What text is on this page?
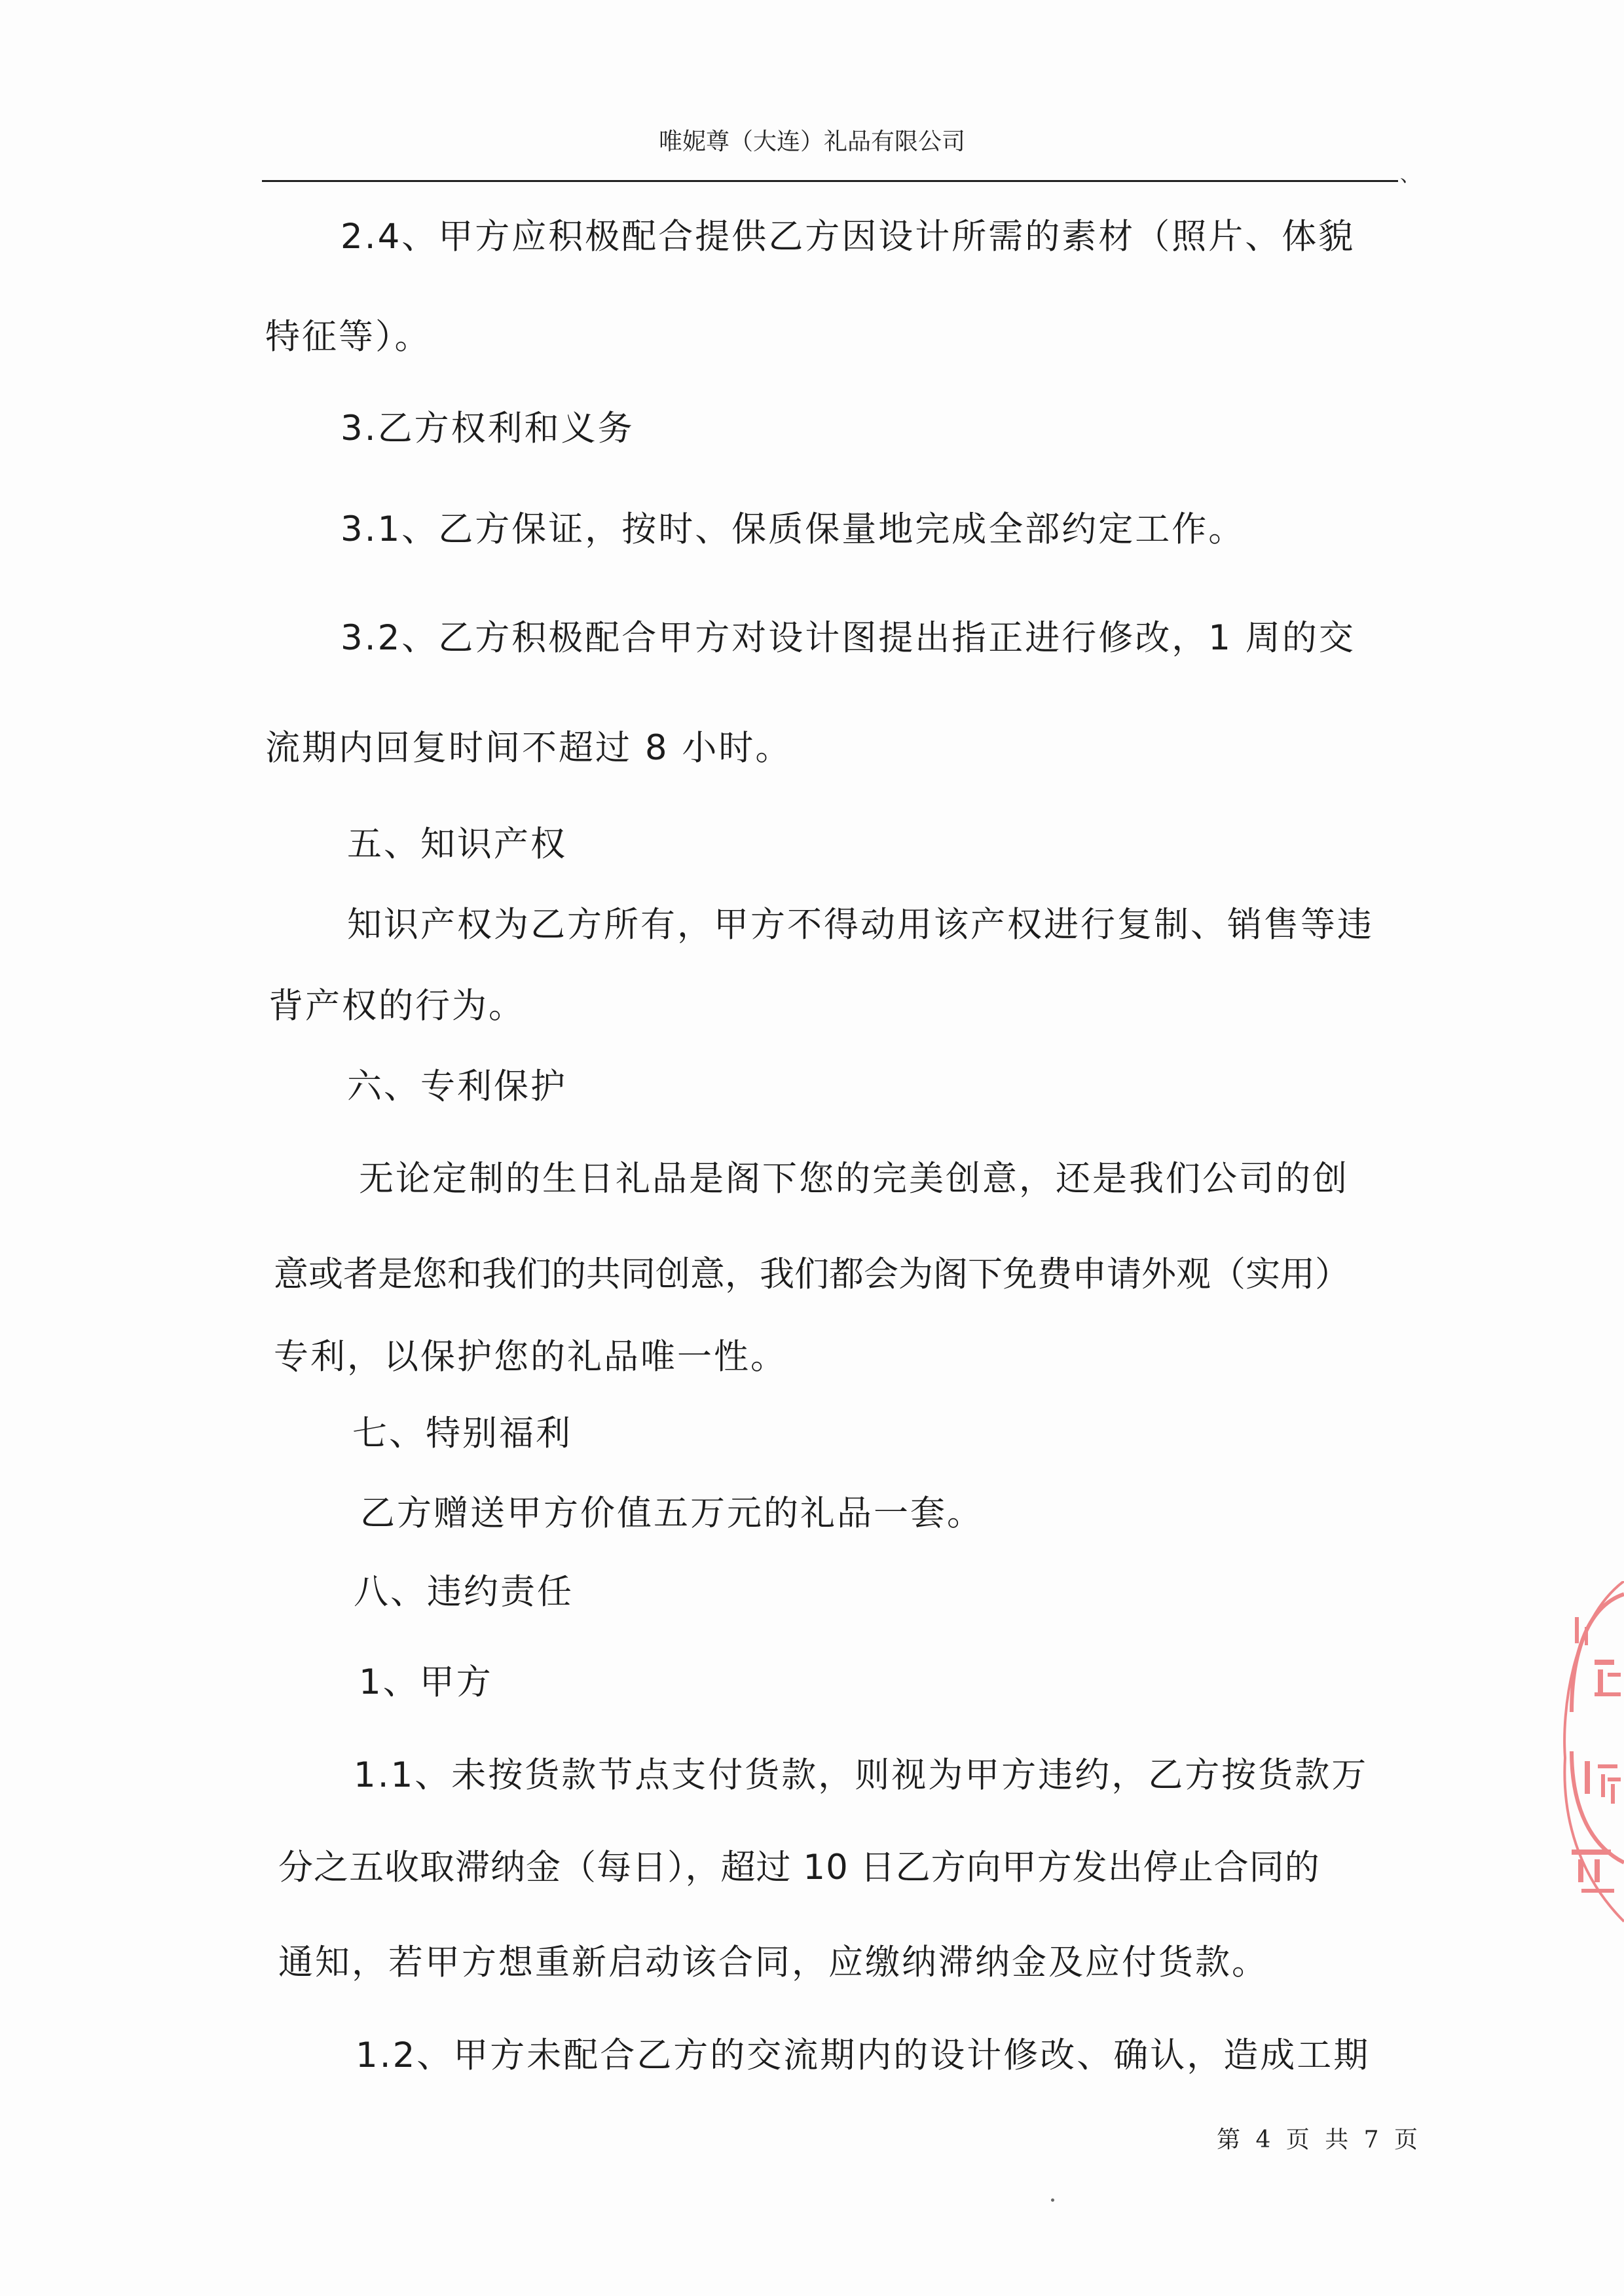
唯妮尊（大连）礼品有限公司
、
2.4、甲方应积极配合提供乙方因设计所需的素材（照片、体貌
特征等）。
3.乙方权利和义务
3.1、乙方保证，按时、保质保量地完成全部约定工作。
3.2、乙方积极配合甲方对设计图提出指正进行修改，1 周的交
流期内回复时间不超过 8 小时。
五、知识产权
知识产权为乙方所有，甲方不得动用该产权进行复制、销售等违
背产权的行为。
六、专利保护
无论定制的生日礼品是阁下您的完美创意，还是我们公司的创
意或者是您和我们的共同创意，我们都会为阁下免费申请外观（实用）
专利，以保护您的礼品唯一性。
七、特别福利
乙方赠送甲方价值五万元的礼品一套。
八、违约责任
1、甲方
1.1、未按货款节点支付货款，则视为甲方违约，乙方按货款万
分之五收取滞纳金（每日），超过 10 日乙方向甲方发出停止合同的
通知，若甲方想重新启动该合同，应缴纳滞纳金及应付货款。
1.2、甲方未配合乙方的交流期内的设计修改、确认，造成工期
第 4 页 共 7 页
